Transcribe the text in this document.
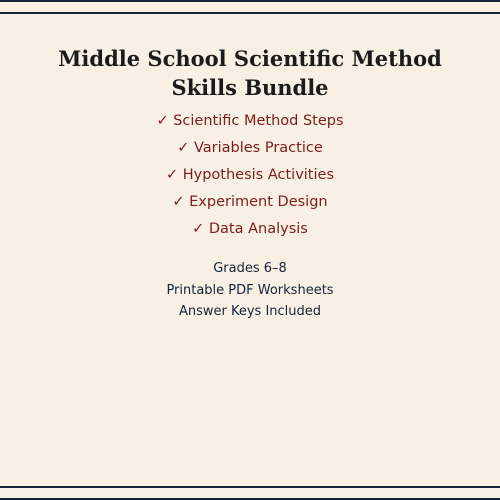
Middle School Scientific Method
Skills Bundle
✓ Scientific Method Steps
✓ Variables Practice
✓ Hypothesis Activities
✓ Experiment Design
✓ Data Analysis
Grades 6–8
Printable PDF Worksheets
Answer Keys Included
